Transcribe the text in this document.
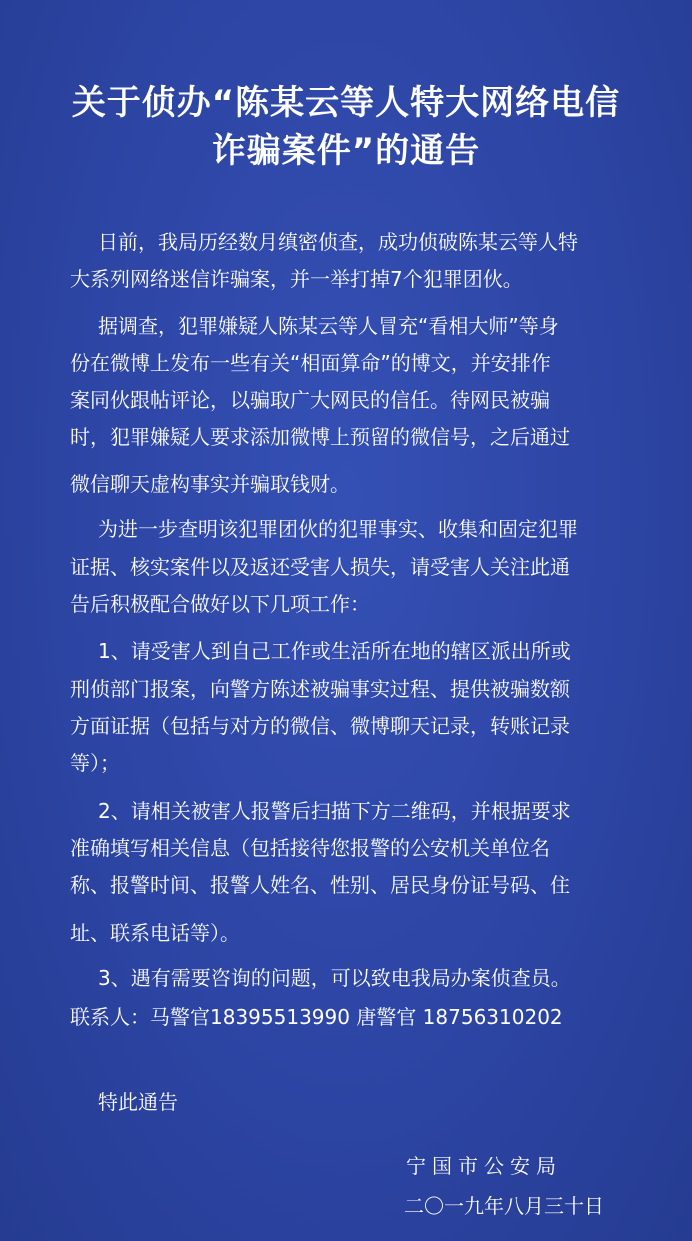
关于侦办“陈某云等人特大网络电信
诈骗案件”的通告
日前，我局历经数月缜密侦查，成功侦破陈某云等人特
大系列网络迷信诈骗案，并一举打掉7个犯罪团伙。
据调查，犯罪嫌疑人陈某云等人冒充“看相大师”等身
份在微博上发布一些有关“相面算命”的博文，并安排作
案同伙跟帖评论，以骗取广大网民的信任。待网民被骗
时，犯罪嫌疑人要求添加微博上预留的微信号，之后通过
微信聊天虚构事实并骗取钱财。
为进一步查明该犯罪团伙的犯罪事实、收集和固定犯罪
证据、核实案件以及返还受害人损失，请受害人关注此通
告后积极配合做好以下几项工作：
1、请受害人到自己工作或生活所在地的辖区派出所或
刑侦部门报案，向警方陈述被骗事实过程、提供被骗数额
方面证据（包括与对方的微信、微博聊天记录，转账记录
等）；
2、请相关被害人报警后扫描下方二维码，并根据要求
准确填写相关信息（包括接待您报警的公安机关单位名
称、报警时间、报警人姓名、性别、居民身份证号码、住
址、联系电话等）。
3、遇有需要咨询的问题，可以致电我局办案侦查员。
联系人：马警官18395513990 唐警官 18756310202
特此通告
宁国市公安局
二〇一九年八月三十日
